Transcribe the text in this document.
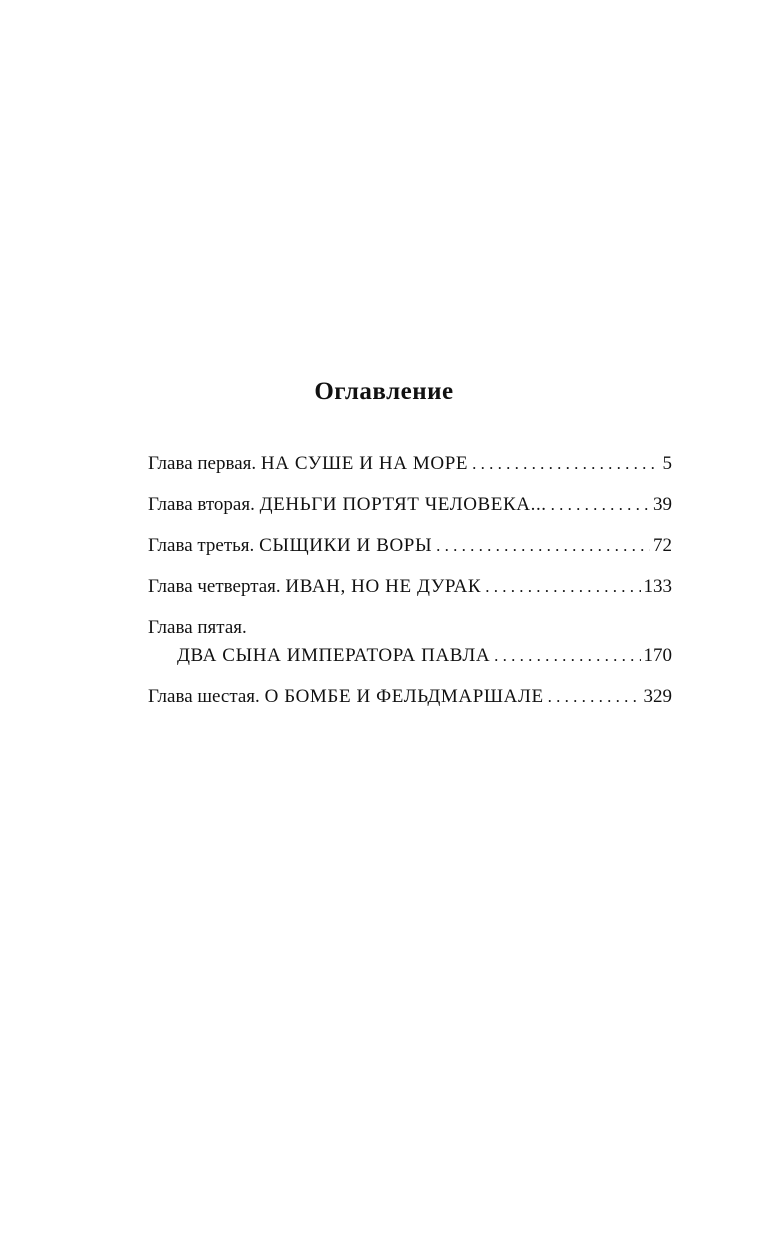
Оглавление
Глава первая. НА СУШЕ И НА МОРЕ . . .	5
Глава вторая. ДЕНЬГИ ПОРТЯТ ЧЕЛОВЕКА... . . .	39
Глава третья. СЫЩИКИ И ВОРЫ . . .	72
Глава четвертая. ИВАН, НО НЕ ДУРАК . . .	133
Глава пятая.
ДВА СЫНА ИМПЕРАТОРА ПАВЛА . . .	170
Глава шестая. О БОМБЕ И ФЕЛЬДМАРШАЛЕ . . .	329
